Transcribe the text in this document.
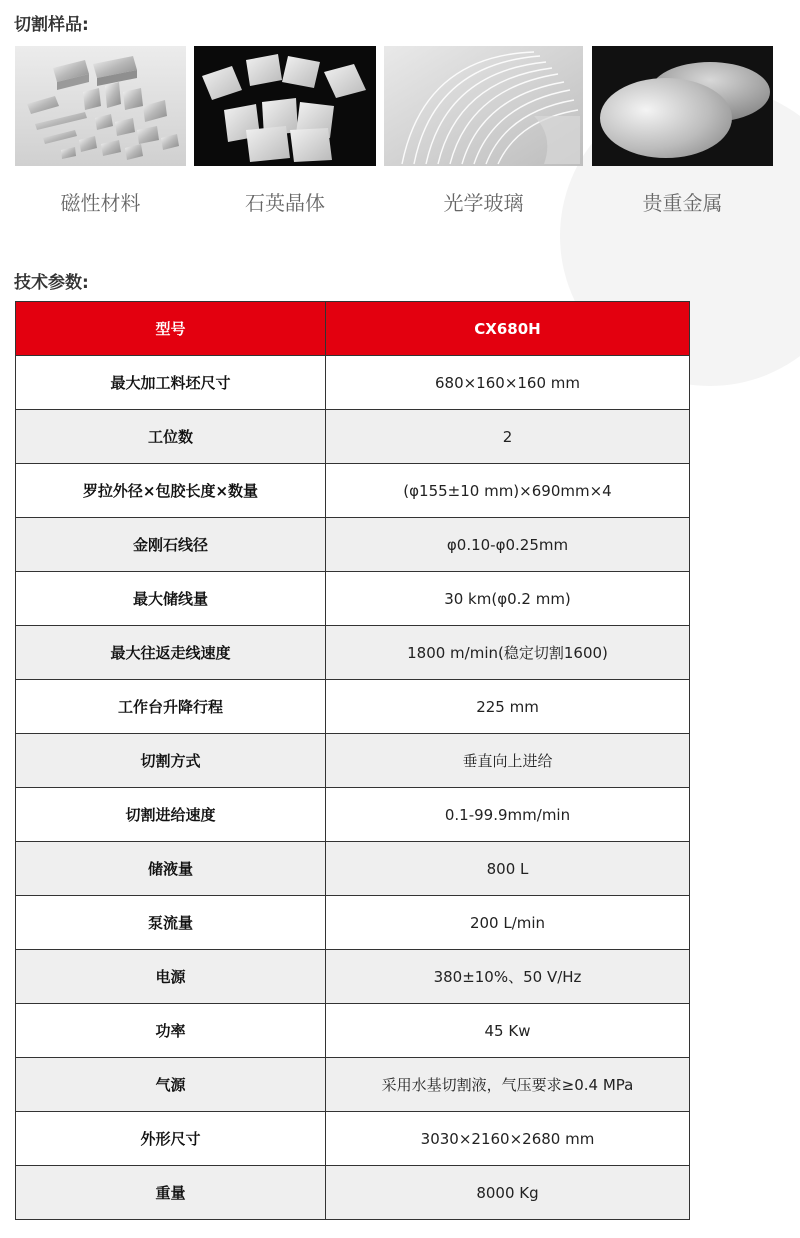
切割样品:
磁性材料	石英晶体	光学玻璃	贵重金属
技术参数:
型号	CX680H
最大加工料坯尺寸	680×160×160 mm
工位数	2
罗拉外径×包胶长度×数量	(φ155±10 mm)×690mm×4
金刚石线径	φ0.10-φ0.25mm
最大储线量	30 km(φ0.2 mm)
最大往返走线速度	1800 m/min(稳定切割1600)
工作台升降行程	225 mm
切割方式	垂直向上进给
切割进给速度	0.1-99.9mm/min
储液量	800 L
泵流量	200 L/min
电源	380±10%、50 V/Hz
功率	45 Kw
气源	采用水基切割液，气压要求≥0.4 MPa
外形尺寸	3030×2160×2680 mm
重量	8000 Kg
